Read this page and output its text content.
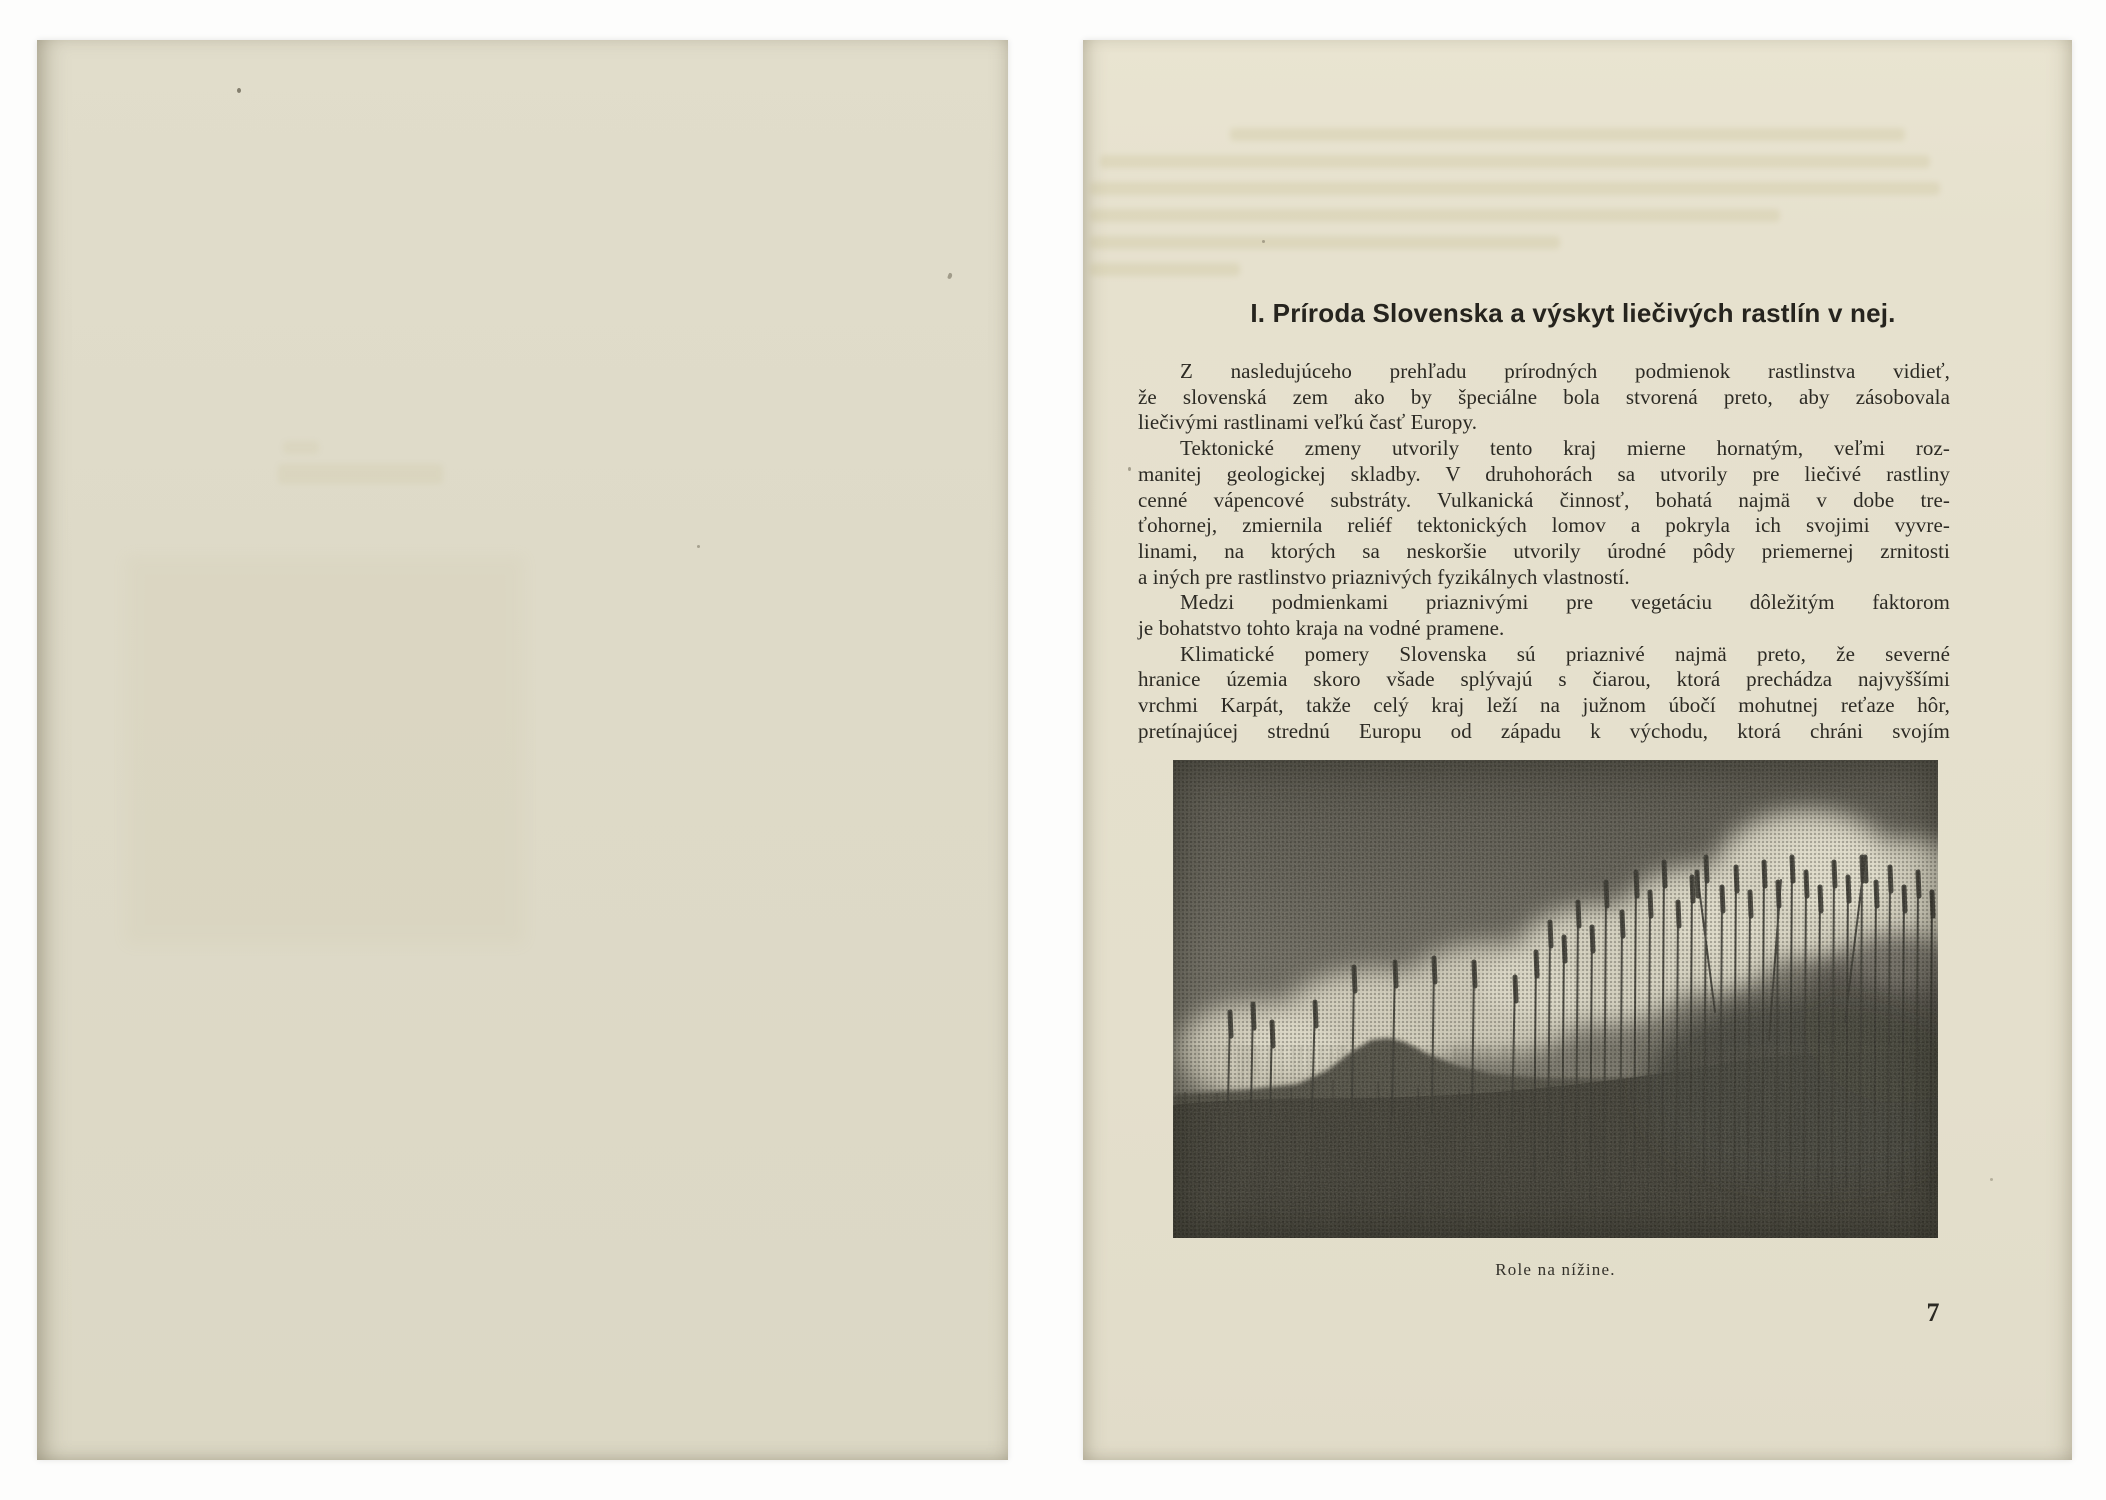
I. Príroda Slovenska a výskyt liečivých rastlín v nej.
Z nasledujúceho prehľadu prírodných podmienok rastlinstva vidieť,
že slovenská zem ako by špeciálne bola stvorená preto, aby zásobovala
liečivými rastlinami veľkú časť Europy.
Tektonické zmeny utvorily tento kraj mierne hornatým, veľmi roz-
manitej geologickej skladby. V druhohorách sa utvorily pre liečivé rastliny
cenné vápencové substráty. Vulkanická činnosť, bohatá najmä v dobe tre-
ťohornej, zmiernila reliéf tektonických lomov a pokryla ich svojimi vyvre-
linami, na ktorých sa neskoršie utvorily úrodné pôdy priemernej zrnitosti
a iných pre rastlinstvo priaznivých fyzikálnych vlastností.
Medzi podmienkami priaznivými pre vegetáciu dôležitým faktorom
je bohatstvo tohto kraja na vodné pramene.
Klimatické pomery Slovenska sú priaznivé najmä preto, že severné
hranice územia skoro všade splývajú s čiarou, ktorá prechádza najvyššími
vrchmi Karpát, takže celý kraj leží na južnom úbočí mohutnej reťaze hôr,
pretínajúcej strednú Europu od západu k východu, ktorá chráni svojím
Role na nížine.
7
